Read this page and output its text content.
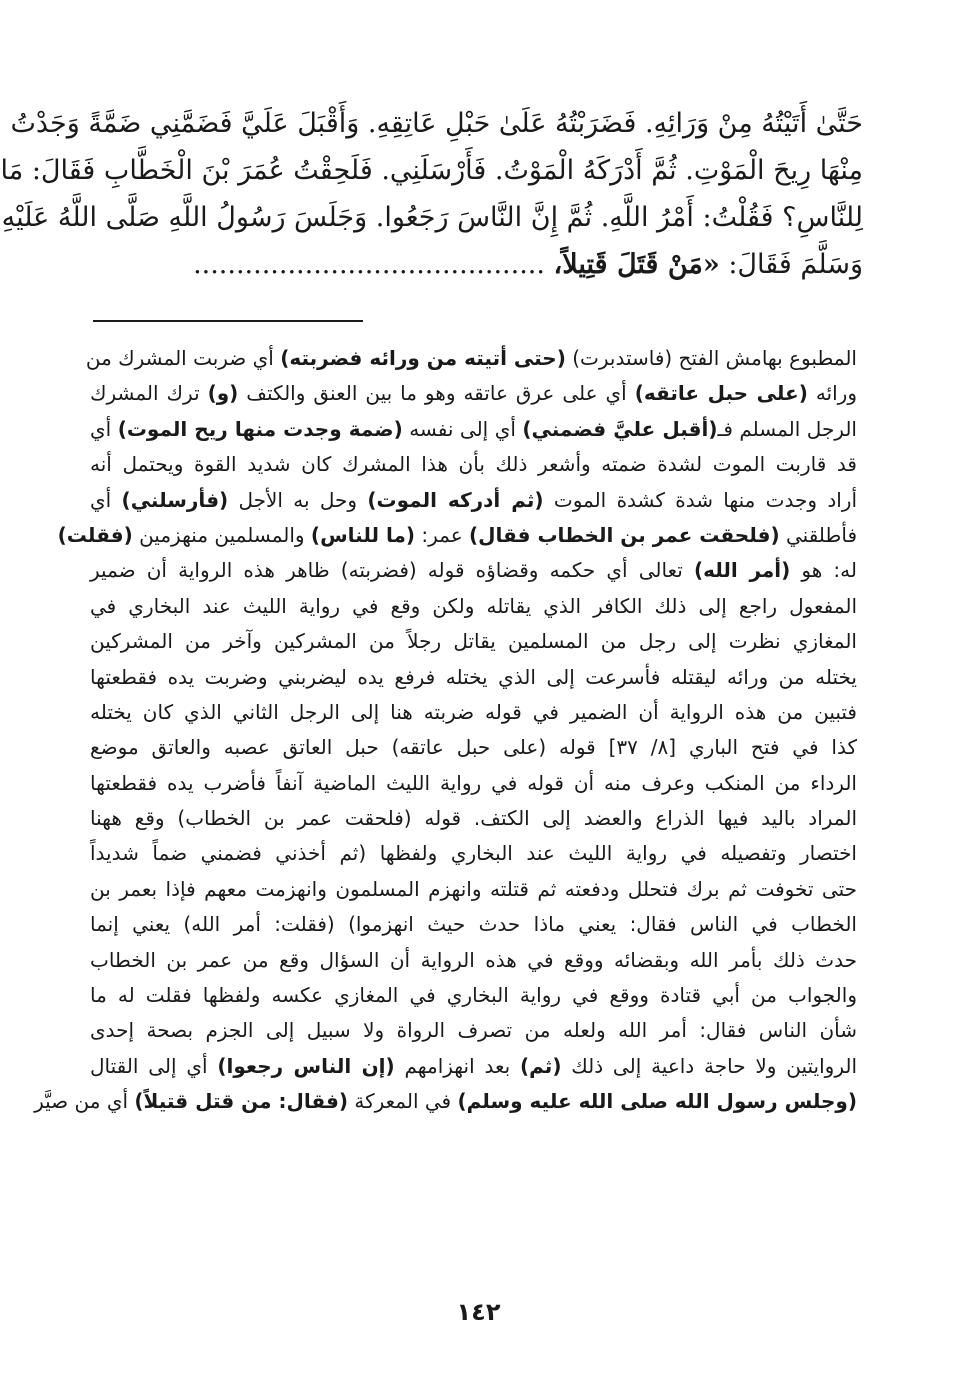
حَتَّىٰ أَتَيْتُهُ مِنْ وَرَائِهِ. فَضَرَبْتُهُ عَلَىٰ حَبْلِ عَاتِقِهِ. وَأَقْبَلَ عَلَيَّ فَضَمَّنِي ضَمَّةً وَجَدْتُ
مِنْهَا رِيحَ الْمَوْتِ. ثُمَّ أَدْرَكَهُ الْمَوْتُ. فَأَرْسَلَنِي. فَلَحِقْتُ عُمَرَ بْنَ الْخَطَّابِ فَقَالَ: مَا
لِلنَّاسِ؟ فَقُلْتُ: أَمْرُ اللَّهِ. ثُمَّ إِنَّ النَّاسَ رَجَعُوا. وَجَلَسَ رَسُولُ اللَّهِ صَلَّى اللَّهُ عَلَيْهِ
وَسَلَّمَ فَقَالَ: «مَنْ قَتَلَ قَتِيلاً، .........................................
المطبوع بهامش الفتح (فاستدبرت) (حتى أتيته من ورائه فضربته) أي ضربت المشرك من
ورائه (على حبل عاتقه) أي على عرق عاتقه وهو ما بين العنق والكتف (و) ترك المشرك
الرجل المسلم فـ(أقبل عليَّ فضمني) أي إلى نفسه (ضمة وجدت منها ريح الموت) أي
قد قاربت الموت لشدة ضمته وأشعر ذلك بأن هذا المشرك كان شديد القوة ويحتمل أنه
أراد وجدت منها شدة كشدة الموت (ثم أدركه الموت) وحل به الأجل (فأرسلني) أي
فأطلقني (فلحقت عمر بن الخطاب فقال) عمر: (ما للناس) والمسلمين منهزمين (فقلت)
له: هو (أمر الله) تعالى أي حكمه وقضاؤه قوله (فضربته) ظاهر هذه الرواية أن ضمير
المفعول راجع إلى ذلك الكافر الذي يقاتله ولكن وقع في رواية الليث عند البخاري في
المغازي نظرت إلى رجل من المسلمين يقاتل رجلاً من المشركين وآخر من المشركين
يختله من ورائه ليقتله فأسرعت إلى الذي يختله فرفع يده ليضربني وضربت يده فقطعتها
فتبين من هذه الرواية أن الضمير في قوله ضربته هنا إلى الرجل الثاني الذي كان يختله
كذا في فتح الباري [٨/ ٣٧] قوله (على حبل عاتقه) حبل العاتق عصبه والعاتق موضع
الرداء من المنكب وعرف منه أن قوله في رواية الليث الماضية آنفاً فأضرب يده فقطعتها
المراد باليد فيها الذراع والعضد إلى الكتف. قوله (فلحقت عمر بن الخطاب) وقع ههنا
اختصار وتفصيله في رواية الليث عند البخاري ولفظها (ثم أخذني فضمني ضماً شديداً
حتى تخوفت ثم برك فتحلل ودفعته ثم قتلته وانهزم المسلمون وانهزمت معهم فإذا بعمر بن
الخطاب في الناس فقال: يعني ماذا حدث حيث انهزموا) (فقلت: أمر الله) يعني إنما
حدث ذلك بأمر الله وبقضائه ووقع في هذه الرواية أن السؤال وقع من عمر بن الخطاب
والجواب من أبي قتادة ووقع في رواية البخاري في المغازي عكسه ولفظها فقلت له ما
شأن الناس فقال: أمر الله ولعله من تصرف الرواة ولا سبيل إلى الجزم بصحة إحدى
الروايتين ولا حاجة داعية إلى ذلك (ثم) بعد انهزامهم (إن الناس رجعوا) أي إلى القتال
(وجلس رسول الله صلى الله عليه وسلم) في المعركة (فقال: من قتل قتيلاً) أي من صيَّر
١٤٢
